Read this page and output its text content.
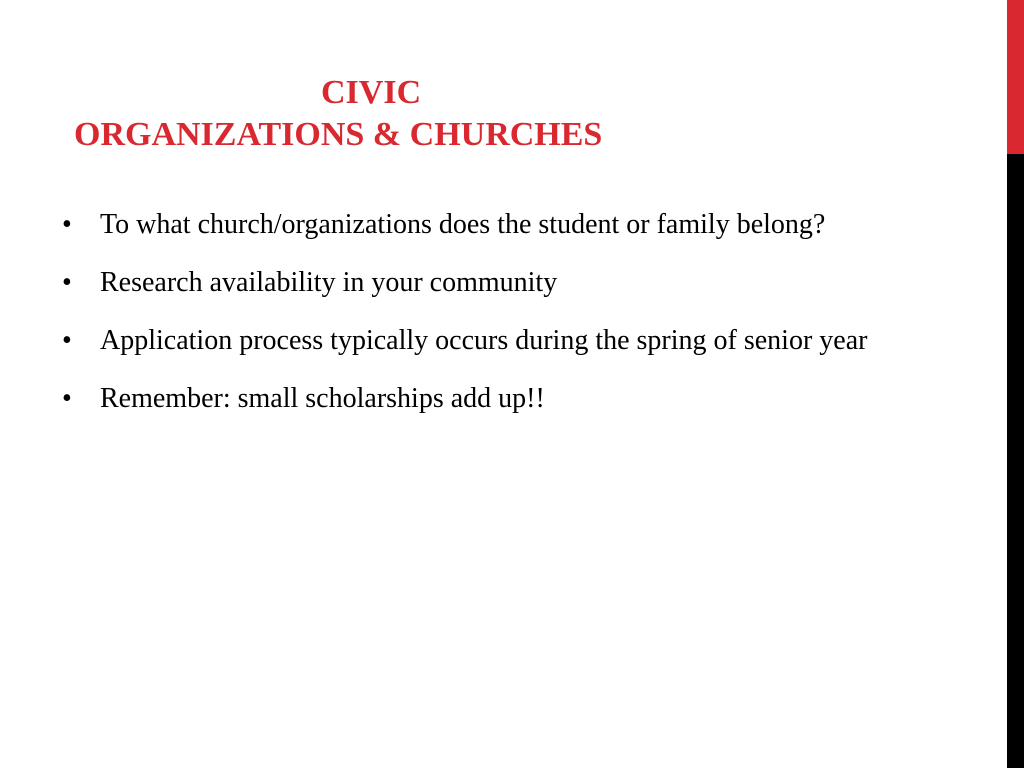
CIVIC
ORGANIZATIONS & CHURCHES
• To what church/organizations does the student or family belong?
• Research availability in your community
• Application process typically occurs during the spring of senior year
• Remember: small scholarships add up!!
